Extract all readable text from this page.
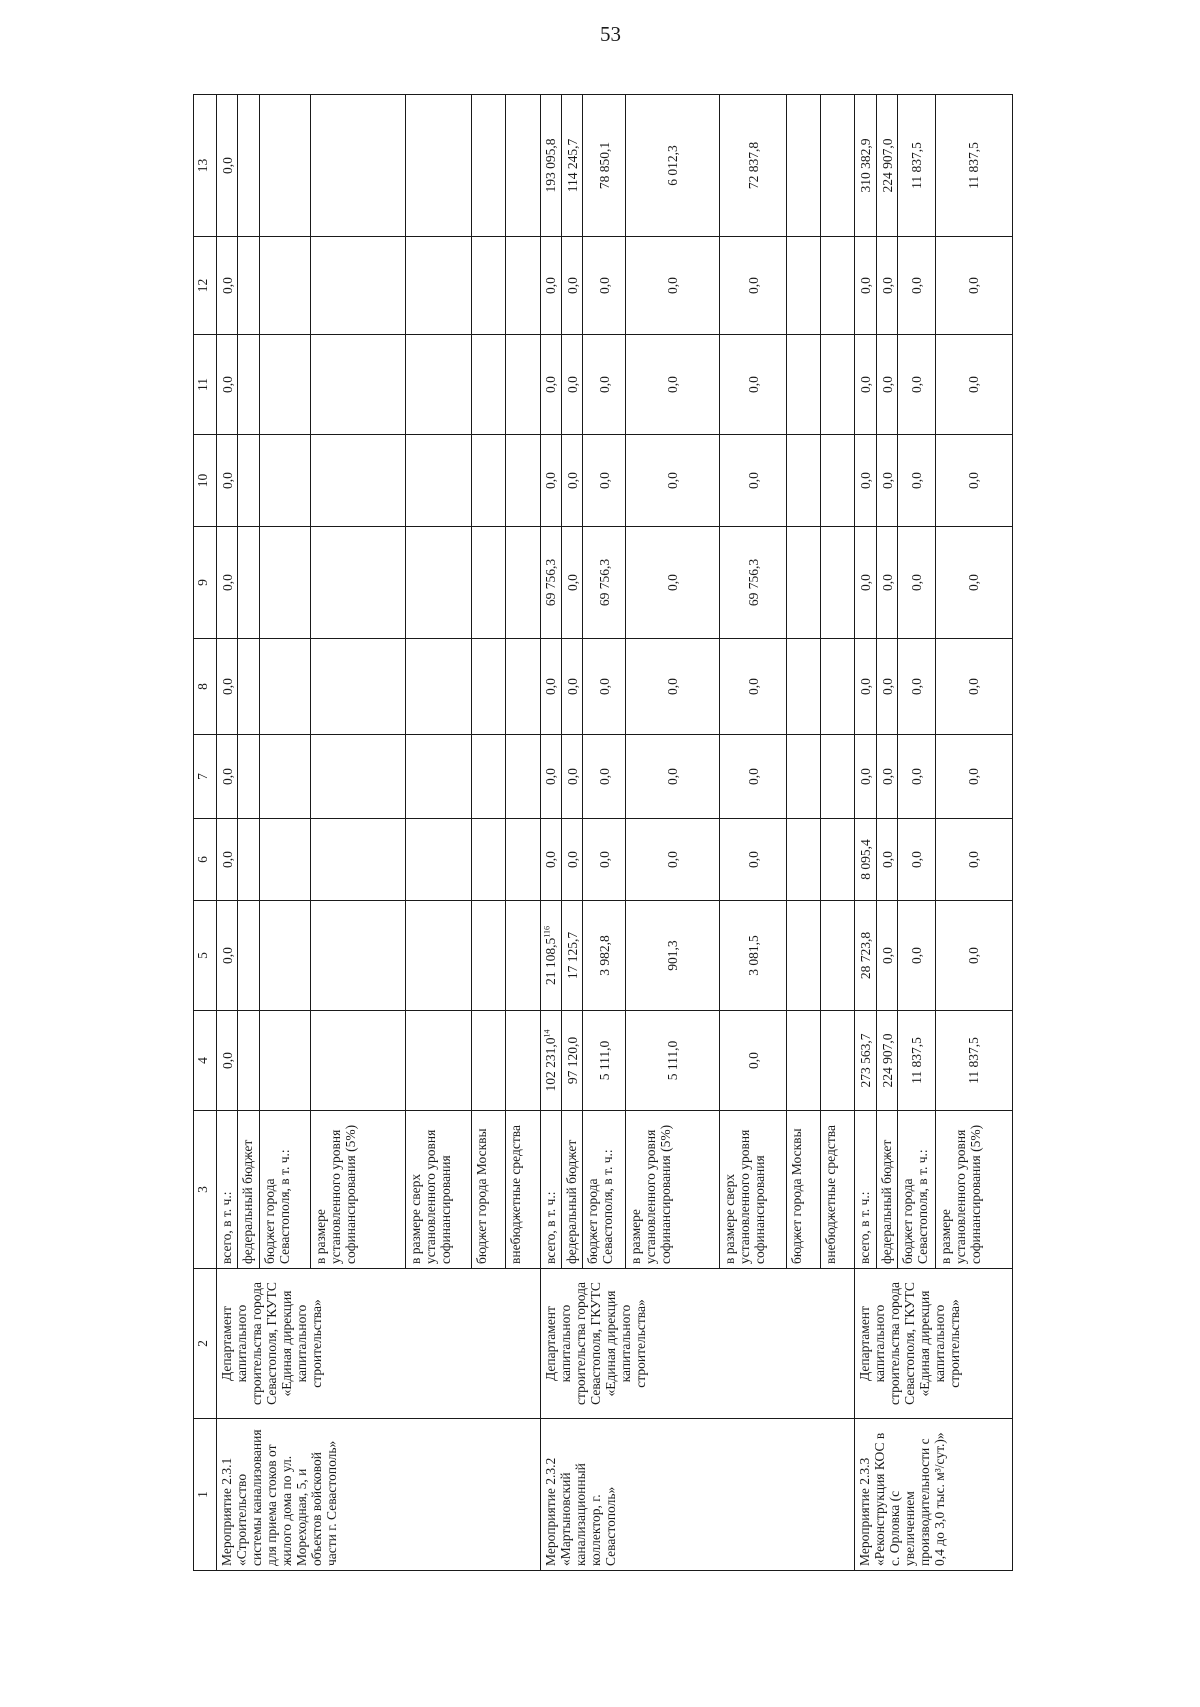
53
1	2	3	4	5	6	7	8	9	10	11	12	13
Мероприятие 2.3.1 «Строительство системы канализования для приема стоков от жилого дома по ул. Мореходная, 5, и объектов войсковой части г. Севастополь»	Департамент капитального строительства города Севастополя, ГКУТС «Единая дирекция капитального строительства»	всего, в т. ч.:	0,0	0,0	0,0	0,0	0,0	0,0	0,0	0,0	0,0	0,0
		федеральный бюджет										
		бюджет города Севастополя, в т. ч.:										
		в размере установленного уровня софинансирования (5%)										
		в размере сверх установленного уровня софинансирования										
		бюджет города Москвы										
		внебюджетные средства										
Мероприятие 2.3.2 «Мартыновский канализационный коллектор, г. Севастополь»	Департамент капитального строительства города Севастополя, ГКУТС «Единая дирекция капитального строительства»	всего, в т. ч.:	102 231,0$^{14}$	21 108,5$^{116}$	0,0	0,0	0,0	69 756,3	0,0	0,0	0,0	193 095,8
		федеральный бюджет	97 120,0	17 125,7	0,0	0,0	0,0	0,0	0,0	0,0	0,0	114 245,7
		бюджет города Севастополя, в т. ч.:	5 111,0	3 982,8	0,0	0,0	0,0	69 756,3	0,0	0,0	0,0	78 850,1
		в размере установленного уровня софинансирования (5%)	5 111,0	901,3	0,0	0,0	0,0	0,0	0,0	0,0	0,0	6 012,3
		в размере сверх установленного уровня софинансирования	0,0	3 081,5	0,0	0,0	0,0	69 756,3	0,0	0,0	0,0	72 837,8
		бюджет города Москвы										
		внебюджетные средства										
Мероприятие 2.3.3 «Реконструкция КОС в с. Орловка (с увеличением производительности с 0,4 до 3,0 тыс. м³/сут.)»	Департамент капитального строительства города Севастополя, ГКУТС «Единая дирекция капитального строительства»	всего, в т. ч.:	273 563,7	28 723,8	8 095,4	0,0	0,0	0,0	0,0	0,0	0,0	310 382,9
		федеральный бюджет	224 907,0	0,0	0,0	0,0	0,0	0,0	0,0	0,0	0,0	224 907,0
		бюджет города Севастополя, в т. ч.:	11 837,5	0,0	0,0	0,0	0,0	0,0	0,0	0,0	0,0	11 837,5
		в размере установленного уровня софинансирования (5%)	11 837,5	0,0	0,0	0,0	0,0	0,0	0,0	0,0	0,0	11 837,5
